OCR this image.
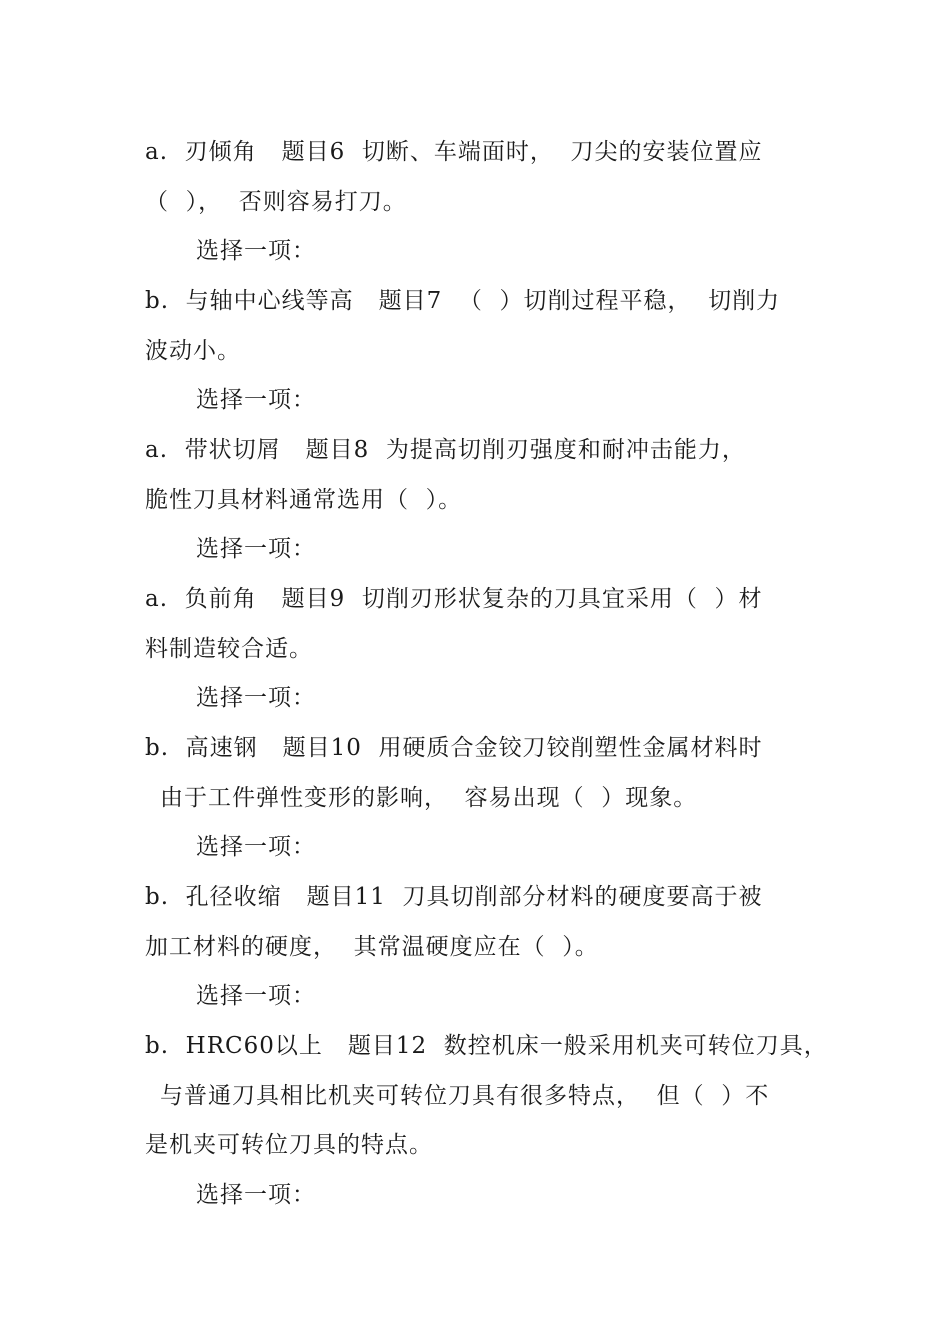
a.  刃倾角   题目6  切断、车端面时，  刀尖的安装位置应
（  ），  否则容易打刀。
选择一项：
b.  与轴中心线等高   题目7  （  ）切削过程平稳，  切削力
波动小。
选择一项：
a.  带状切屑   题目8  为提高切削刃强度和耐冲击能力，
脆性刀具材料通常选用（  ）。
选择一项：
a.  负前角   题目9  切削刃形状复杂的刀具宜采用（  ）材
料制造较合适。
选择一项：
b.  高速钢   题目10  用硬质合金铰刀铰削塑性金属材料时
由于工件弹性变形的影响，  容易出现（  ）现象。
选择一项：
b.  孔径收缩   题目11  刀具切削部分材料的硬度要高于被
加工材料的硬度，  其常温硬度应在（  ）。
选择一项：
b.  HRC60以上   题目12  数控机床一般采用机夹可转位刀具，
与普通刀具相比机夹可转位刀具有很多特点，  但（  ）不
是机夹可转位刀具的特点。
选择一项：
